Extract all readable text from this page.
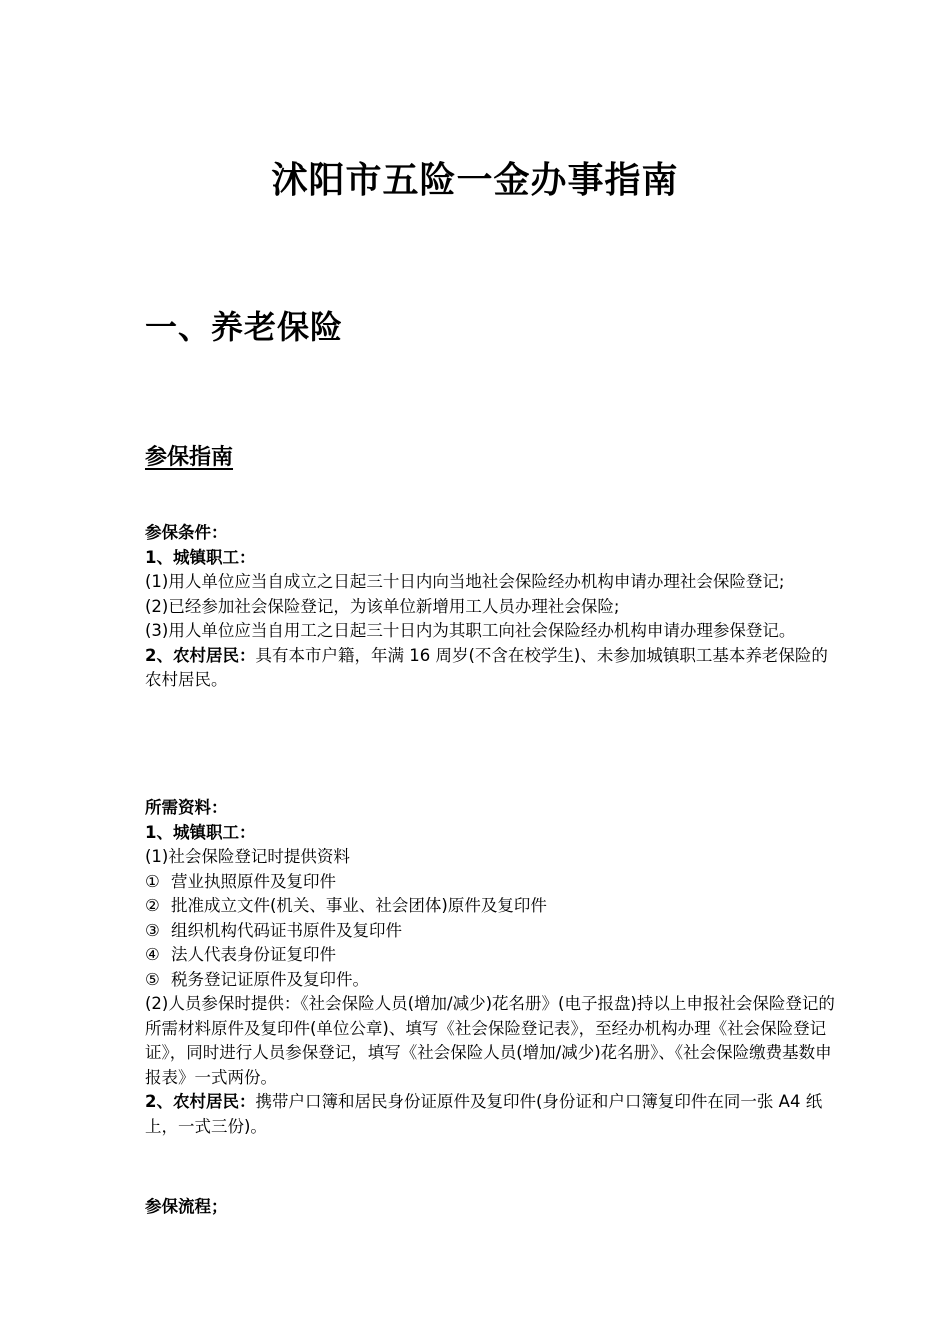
沭阳市五险一金办事指南
一、养老保险
参保指南

参保条件：

1、城镇职工：

(1)用人单位应当自成立之日起三十日内向当地社会保险经办机构申请办理社会保险登记;

(2)已经参加社会保险登记，为该单位新增用工人员办理社会保险;

(3)用人单位应当自用工之日起三十日内为其职工向社会保险经办机构申请办理参保登记。

2、农村居民：具有本市户籍，年满 16 周岁(不含在校学生)、未参加城镇职工基本养老保险的农村居民。

所需资料：

1、城镇职工：

(1)社会保险登记时提供资料

① 营业执照原件及复印件

② 批准成立文件(机关、事业、社会团体)原件及复印件

③ 组织机构代码证书原件及复印件

④ 法人代表身份证复印件

⑤ 税务登记证原件及复印件。

(2)人员参保时提供：《社会保险人员(增加/减少)花名册》(电子报盘)持以上申报社会保险登记的所需材料原件及复印件(单位公章)、填写《社会保险登记表》，至经办机构办理《社会保险登记证》，同时进行人员参保登记，填写《社会保险人员(增加/减少)花名册》、《社会保险缴费基数申报表》一式两份。

2、农村居民：携带户口簿和居民身份证原件及复印件(身份证和户口簿复印件在同一张 A4 纸上，一式三份)。

参保流程；
